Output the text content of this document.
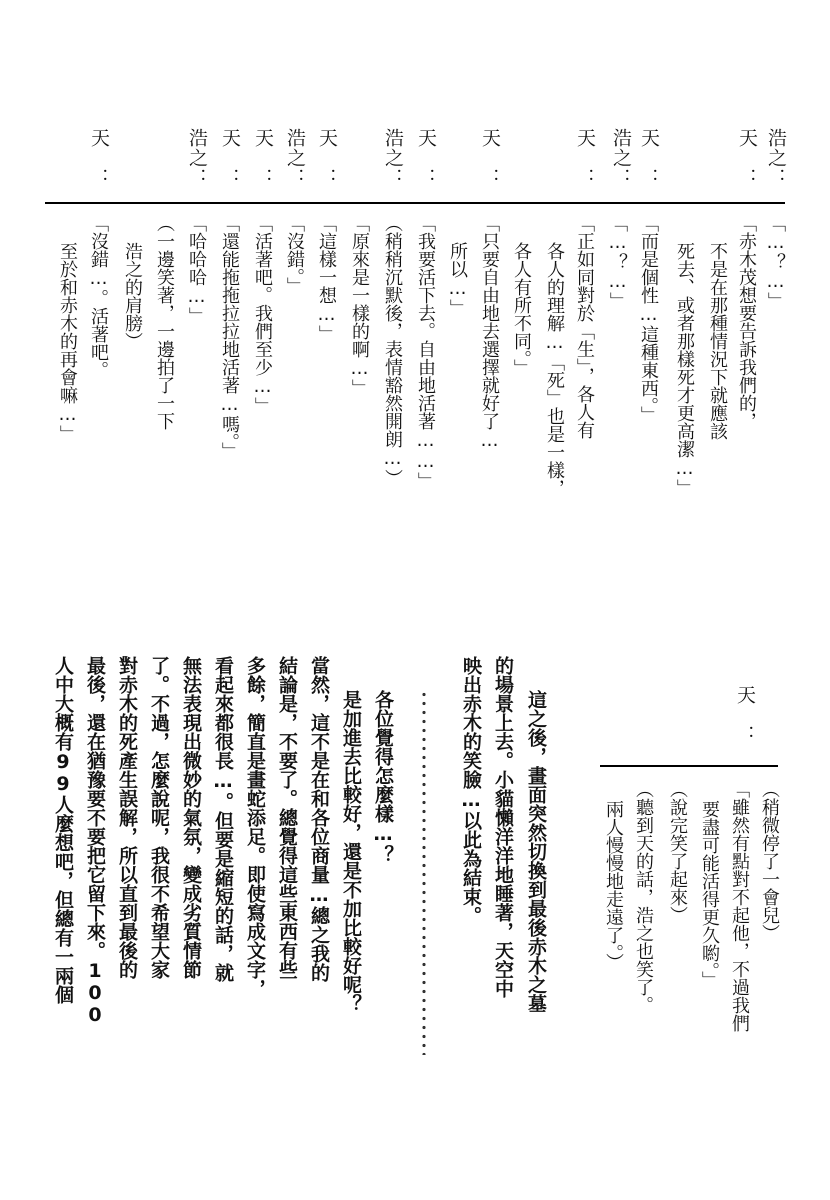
浩之：
天　：
天　：
浩之：
天　：
天　：
天　：
浩之：
天　：
浩之：
天　：
天　：
浩之：
天　：
「…？…」
「赤木茂想要告訴我們的，
不是在那種情況下就應該
死去、或者那樣死才更高潔…」
「而是個性…這種東西。」
「…？…」
「正如同對於「生」，各人有
各人的理解…「死」也是一樣，
各人有所不同。」
「只要自由地去選擇就好了…
所以…」
「我要活下去。自由地活著……」
（稍稍沉默後，表情豁然開朗…）
「原來是一樣的啊…」
「這樣一想…」
「沒錯。」
「活著吧。我們至少…」
「還能拖拖拉拉地活著…嗎。」
「哈哈哈…」
（一邊笑著，一邊拍了一下
浩之的肩膀）
「沒錯…。活著吧。
至於和赤木的再會嘛…」
天　：
（稍微停了一會兒）
「雖然有點對不起他，不過我們
要盡可能活得更久喲。」
（說完笑了起來）
（聽到天的話，浩之也笑了。
兩人慢慢地走遠了。）
這之後，畫面突然切換到最後赤木之墓
的場景上去。小貓懶洋洋地睡著，天空中
映出赤木的笑臉…以此為結束。
各位覺得怎麼樣…？
是加進去比較好，還是不加比較好呢？
當然，這不是在和各位商量…總之我的
結論是，不要了。總覺得這些東西有些
多餘，簡直是畫蛇添足。即使寫成文字，
看起來都很長…。但要是縮短的話，就
無法表現出微妙的氣氛，變成劣質情節
了。不過，怎麼說呢，我很不希望大家
對赤木的死產生誤解，所以直到最後的
最後，還在猶豫要不要把它留下來。100
人中大概有99人麼想吧，但總有一兩個
